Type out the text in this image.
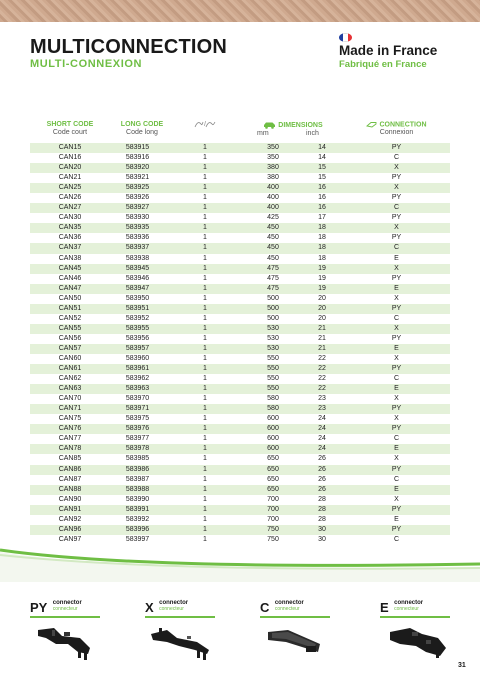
MULTICONNECTION
MULTI-CONNEXION
Made in France
Fabriqué en France
SHORT CODE
Code court
LONG CODE
Code long
DIMENSIONS
mm	inch
CONNECTION
Connexion
CAN15	583915	1	350	14	PY
CAN16	583916	1	350	14	C
CAN20	583920	1	380	15	X
CAN21	583921	1	380	15	PY
CAN25	583925	1	400	16	X
CAN26	583926	1	400	16	PY
CAN27	583927	1	400	16	C
CAN30	583930	1	425	17	PY
CAN35	583935	1	450	18	X
CAN36	583936	1	450	18	PY
CAN37	583937	1	450	18	C
CAN38	583938	1	450	18	E
CAN45	583945	1	475	19	X
CAN46	583946	1	475	19	PY
CAN47	583947	1	475	19	E
CAN50	583950	1	500	20	X
CAN51	583951	1	500	20	PY
CAN52	583952	1	500	20	C
CAN55	583955	1	530	21	X
CAN56	583956	1	530	21	PY
CAN57	583957	1	530	21	E
CAN60	583960	1	550	22	X
CAN61	583961	1	550	22	PY
CAN62	583962	1	550	22	C
CAN63	583963	1	550	22	E
CAN70	583970	1	580	23	X
CAN71	583971	1	580	23	PY
CAN75	583975	1	600	24	X
CAN76	583976	1	600	24	PY
CAN77	583977	1	600	24	C
CAN78	583978	1	600	24	E
CAN85	583985	1	650	26	X
CAN86	583986	1	650	26	PY
CAN87	583987	1	650	26	C
CAN88	583988	1	650	26	E
CAN90	583990	1	700	28	X
CAN91	583991	1	700	28	PY
CAN92	583992	1	700	28	E
CAN96	583996	1	750	30	PY
CAN97	583997	1	750	30	C
PY connector
connecteur	X connector
connecteur	C connector
connecteur	E connector
connecteur
31
